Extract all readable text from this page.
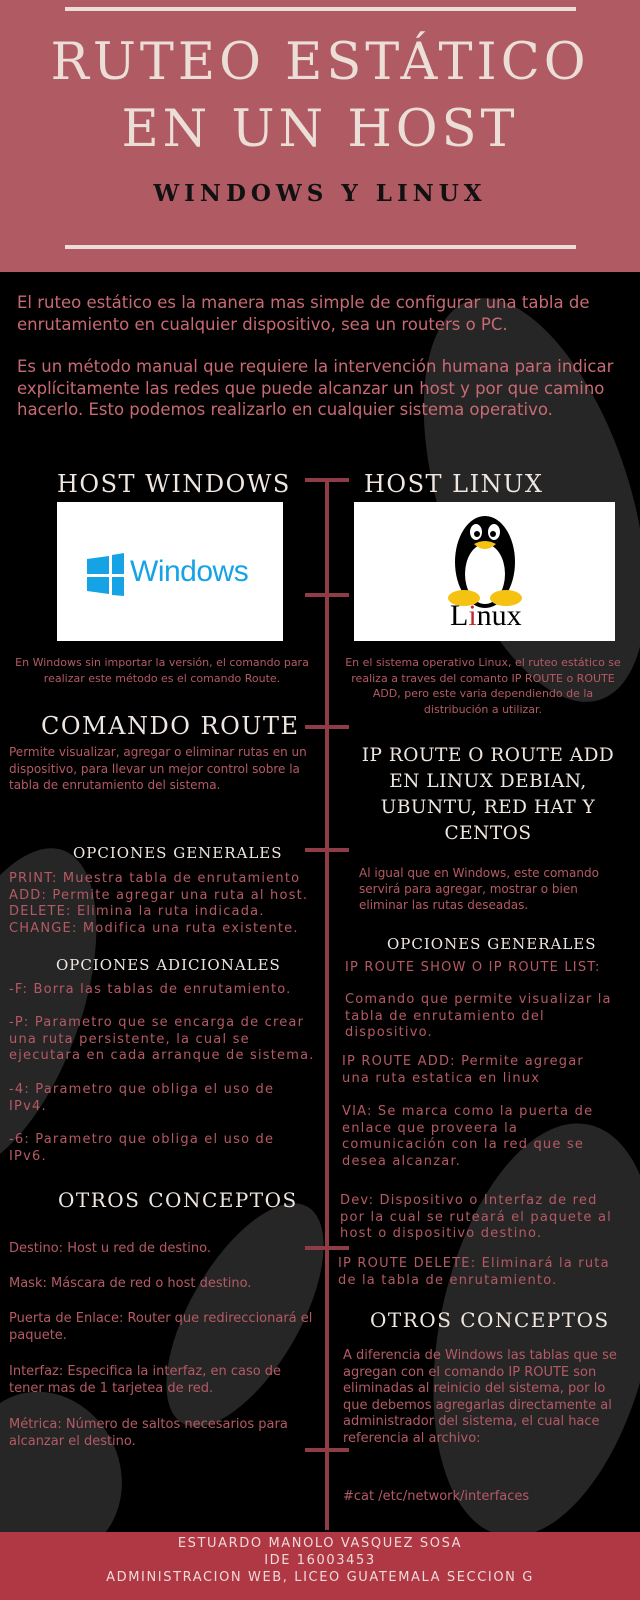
RUTEO ESTÁTICO
EN UN HOST
WINDOWS Y LINUX
El ruteo estático es la manera mas simple de configurar una tabla de enrutamiento en cualquier dispositivo, sea un routers o PC.
Es un método manual que requiere la intervención humana para indicar explícitamente las redes que puede alcanzar un host y por que camino hacerlo. Esto podemos realizarlo en cualquier sistema operativo.
HOST WINDOWS
Windows
En Windows sin importar la versión, el comando para realizar este método es el comando Route.
COMANDO ROUTE
Permite visualizar, agregar o eliminar rutas en un dispositivo, para llevar un mejor control sobre la tabla de enrutamiento del sistema.
OPCIONES GENERALES
PRINT: Muestra tabla de enrutamiento
ADD: Permite agregar una ruta al host.
DELETE: Elimina la ruta indicada.
CHANGE: Modifica una ruta existente.
OPCIONES ADICIONALES
-F: Borra las tablas de enrutamiento.
-P: Parametro que se encarga de crear una ruta persistente, la cual se ejecutara en cada arranque de sistema.
-4: Parametro que obliga el uso de IPv4.
-6: Parametro que obliga el uso de IPv6.
OTROS CONCEPTOS
Destino: Host u red de destino.
Mask: Máscara de red o host destino.
Puerta de Enlace: Router que redireccionará el paquete.
Interfaz: Especifica la interfaz, en caso de tener mas de 1 tarjetea de red.
Métrica: Número de saltos necesarios para alcanzar el destino.
HOST LINUX
Linux
En el sistema operativo Linux, el ruteo estático se realiza a traves del comanto IP ROUTE o ROUTE ADD, pero este varia dependiendo de la distribución a utilizar.
IP ROUTE O ROUTE ADD EN LINUX DEBIAN, UBUNTU, RED HAT Y CENTOS
Al igual que en Windows, este comando servirá para agregar, mostrar o bien eliminar las rutas deseadas.
OPCIONES GENERALES
IP ROUTE SHOW O IP ROUTE LIST:
Comando que permite visualizar la tabla de enrutamiento del dispositivo.
IP ROUTE ADD: Permite agregar una ruta estatica en linux
VIA: Se marca como la puerta de enlace que proveera la comunicación con la red que se desea alcanzar.
Dev: Dispositivo o Interfaz de red por la cual se ruteará el paquete al host o dispositivo destino.
IP ROUTE DELETE: Eliminará la ruta de la tabla de enrutamiento.
OTROS CONCEPTOS
A diferencia de Windows las tablas que se agregan con el comando IP ROUTE son eliminadas al reinicio del sistema, por lo que debemos agregarlas directamente al administrador del sistema, el cual hace referencia al archivo:
#cat /etc/network/interfaces
ESTUARDO MANOLO VASQUEZ SOSA
IDE 16003453
ADMINISTRACION WEB, LICEO GUATEMALA SECCION G
